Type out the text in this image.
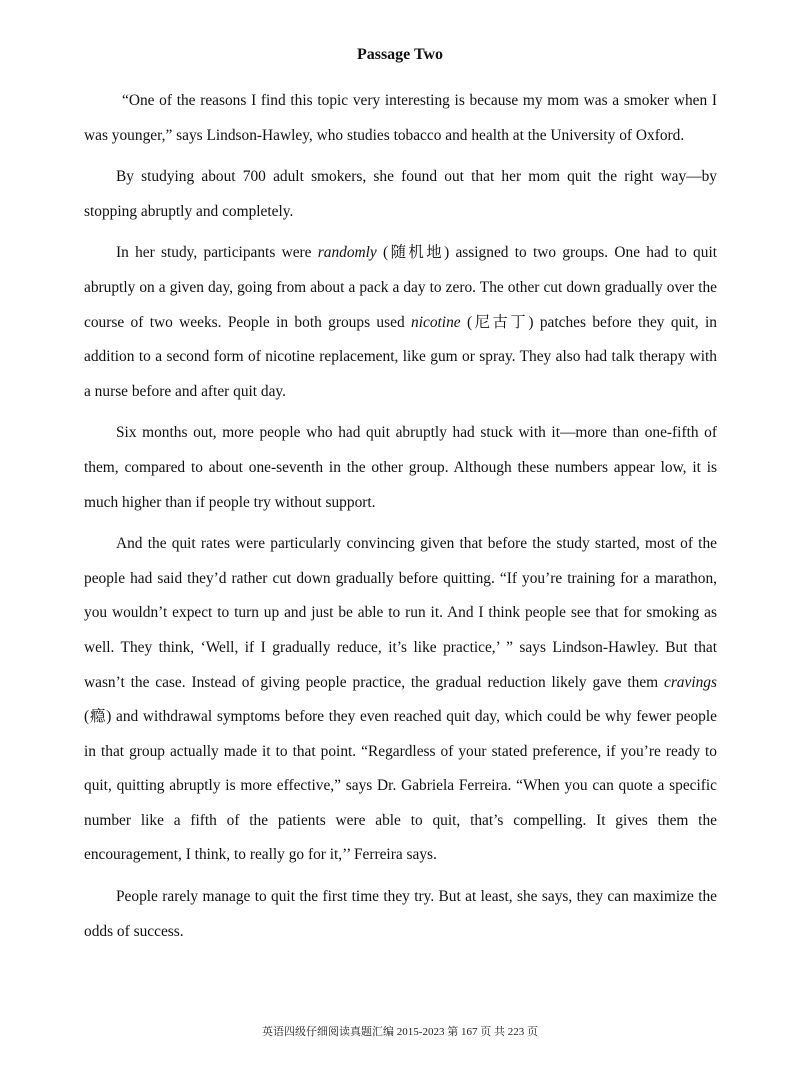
Passage Two

“One of the reasons I find this topic very interesting is because my mom was a smoker when I was younger,” says Lindson-Hawley, who studies tobacco and health at the University of Oxford.

By studying about 700 adult smokers, she found out that her mom quit the right way—by stopping abruptly and completely.

In her study, participants were randomly (随机地) assigned to two groups. One had to quit abruptly on a given day, going from about a pack a day to zero. The other cut down gradually over the course of two weeks. People in both groups used nicotine (尼古丁) patches before they quit, in addition to a second form of nicotine replacement, like gum or spray. They also had talk therapy with a nurse before and after quit day.

Six months out, more people who had quit abruptly had stuck with it—more than one-fifth of them, compared to about one-seventh in the other group. Although these numbers appear low, it is much higher than if people try without support.

And the quit rates were particularly convincing given that before the study started, most of the people had said they’d rather cut down gradually before quitting. “If you’re training for a marathon, you wouldn’t expect to turn up and just be able to run it. And I think people see that for smoking as well. They think, ‘Well, if I gradually reduce, it’s like practice,’ ” says Lindson-Hawley. But that wasn’t the case. Instead of giving people practice, the gradual reduction likely gave them cravings (瘾) and withdrawal symptoms before they even reached quit day, which could be why fewer people in that group actually made it to that point. “Regardless of your stated preference, if you’re ready to quit, quitting abruptly is more effective,” says Dr. Gabriela Ferreira. “When you can quote a specific number like a fifth of the patients were able to quit, that’s compelling. It gives them the encouragement, I think, to really go for it,’’ Ferreira says.

People rarely manage to quit the first time they try. But at least, she says, they can maximize the odds of success.

英语四级仔细阅读真题汇编 2015-2023 第 167 页 共 223 页
